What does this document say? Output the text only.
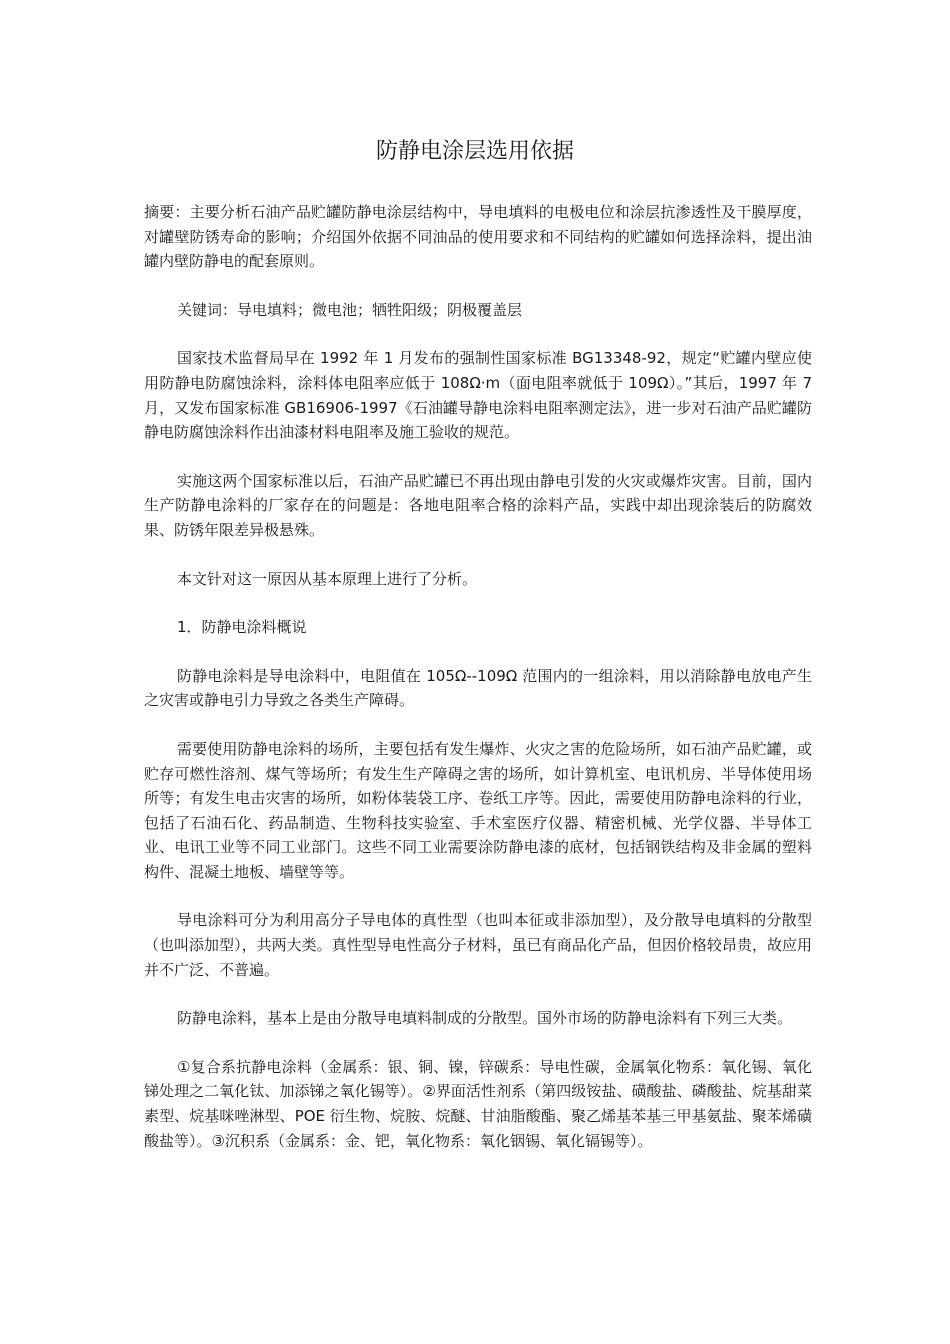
防静电涂层选用依据

摘要：主要分析石油产品贮罐防静电涂层结构中，导电填料的电极电位和涂层抗渗透性及干膜厚度，对罐壁防锈寿命的影响；介绍国外依据不同油品的使用要求和不同结构的贮罐如何选择涂料，提出油罐内壁防静电的配套原则。

关键词：导电填料；微电池；牺牲阳级；阴极覆盖层

国家技术监督局早在 1992 年 1 月发布的强制性国家标准 BG13348-92，规定“贮罐内壁应使用防静电防腐蚀涂料，涂料体电阻率应低于 108Ω·m（面电阻率就低于 109Ω）。”其后，1997 年 7 月，又发布国家标准 GB16906-1997《石油罐导静电涂料电阻率测定法》，进一步对石油产品贮罐防静电防腐蚀涂料作出油漆材料电阻率及施工验收的规范。

实施这两个国家标准以后，石油产品贮罐已不再出现由静电引发的火灾或爆炸灾害。目前，国内生产防静电涂料的厂家存在的问题是：各地电阻率合格的涂料产品，实践中却出现涂装后的防腐效果、防锈年限差异极悬殊。

本文针对这一原因从基本原理上进行了分析。

1．防静电涂料概说

防静电涂料是导电涂料中，电阻值在 105Ω--109Ω 范围内的一组涂料，用以消除静电放电产生之灾害或静电引力导致之各类生产障碍。

需要使用防静电涂料的场所，主要包括有发生爆炸、火灾之害的危险场所，如石油产品贮罐，或贮存可燃性溶剂、煤气等场所；有发生生产障碍之害的场所，如计算机室、电讯机房、半导体使用场所等；有发生电击灾害的场所，如粉体装袋工序、卷纸工序等。因此，需要使用防静电涂料的行业，包括了石油石化、药品制造、生物科技实验室、手术室医疗仪器、精密机械、光学仪器、半导体工业、电讯工业等不同工业部门。这些不同工业需要涂防静电漆的底材，包括钢铁结构及非金属的塑料构件、混凝土地板、墙壁等等。

导电涂料可分为利用高分子导电体的真性型（也叫本征或非添加型），及分散导电填料的分散型（也叫添加型），共两大类。真性型导电性高分子材料，虽已有商品化产品，但因价格较昂贵，故应用并不广泛、不普遍。

防静电涂料，基本上是由分散导电填料制成的分散型。国外市场的防静电涂料有下列三大类。

①复合系抗静电涂料（金属系：银、铜、镍，锌碳系：导电性碳，金属氧化物系：氧化锡、氧化锑处理之二氧化钛、加添锑之氧化锡等）。②界面活性剂系（第四级铵盐、磺酸盐、磷酸盐、烷基甜菜素型、烷基咪唑淋型、POE 衍生物、烷胺、烷醚、甘油脂酸酯、聚乙烯基苯基三甲基氨盐、聚苯烯磺酸盐等）。③沉积系（金属系：金、钯，氧化物系：氧化铟锡、氧化镉锡等）。
